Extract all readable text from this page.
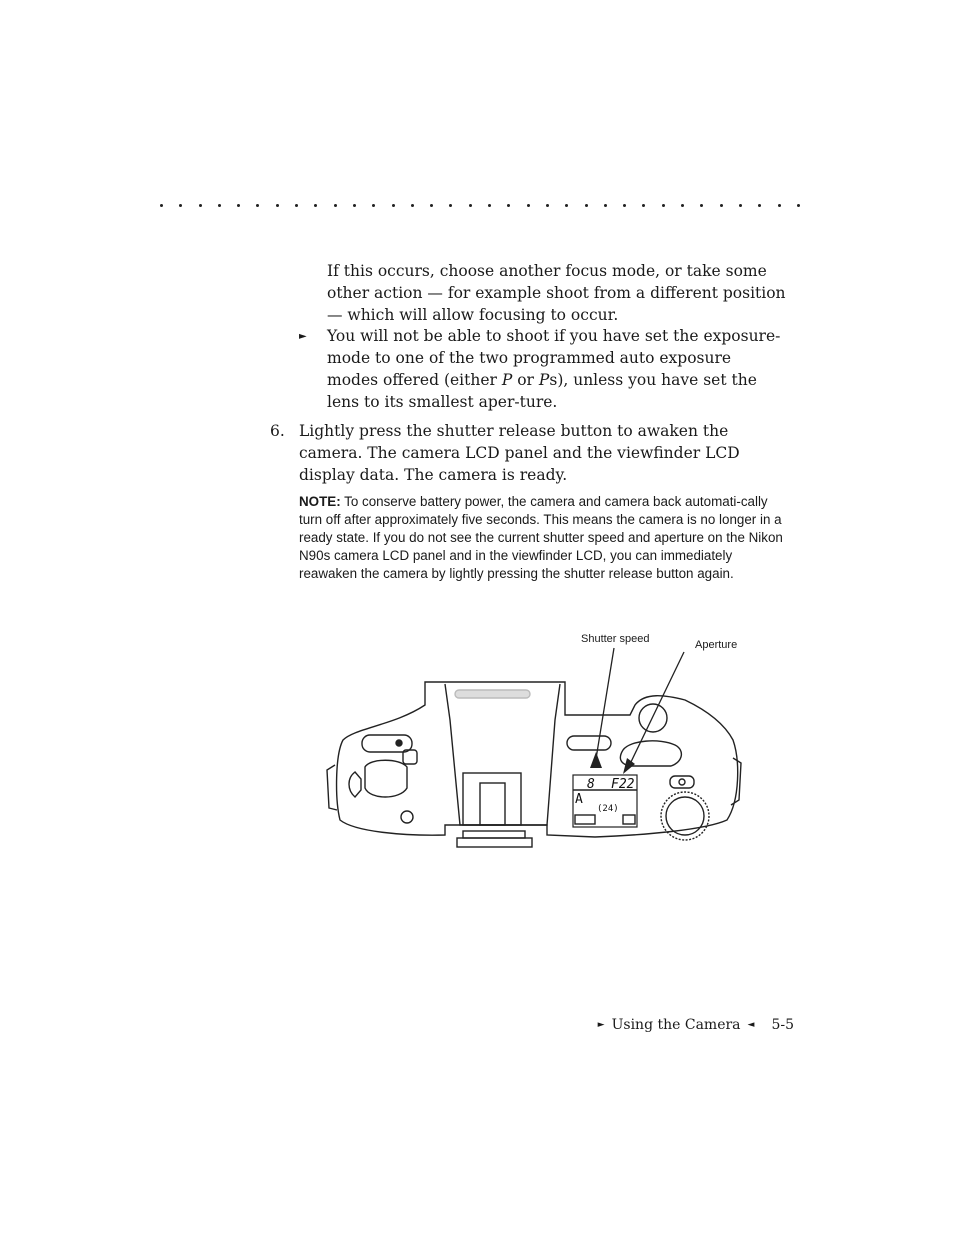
If this occurs, choose another focus mode, or take some other action — for example shoot from a different position — which will allow focusing to occur.
► You will not be able to shoot if you have set the exposure-mode to one of the two programmed auto exposure modes offered (either P or Ps), unless you have set the lens to its smallest aper-ture.
6. Lightly press the shutter release button to awaken the camera. The camera LCD panel and the viewfinder LCD display data. The camera is ready.
NOTE: To conserve battery power, the camera and camera back automati-cally turn off after approximately five seconds. This means the camera is no longer in a ready state. If you do not see the current shutter speed and aperture on the Nikon N90s camera LCD panel and in the viewfinder LCD, you can immediately reawaken the camera by lightly pressing the shutter release button again.
Shutter speed	Aperture
8 F22
A
(24)
► Using the Camera ◄ 5-5
